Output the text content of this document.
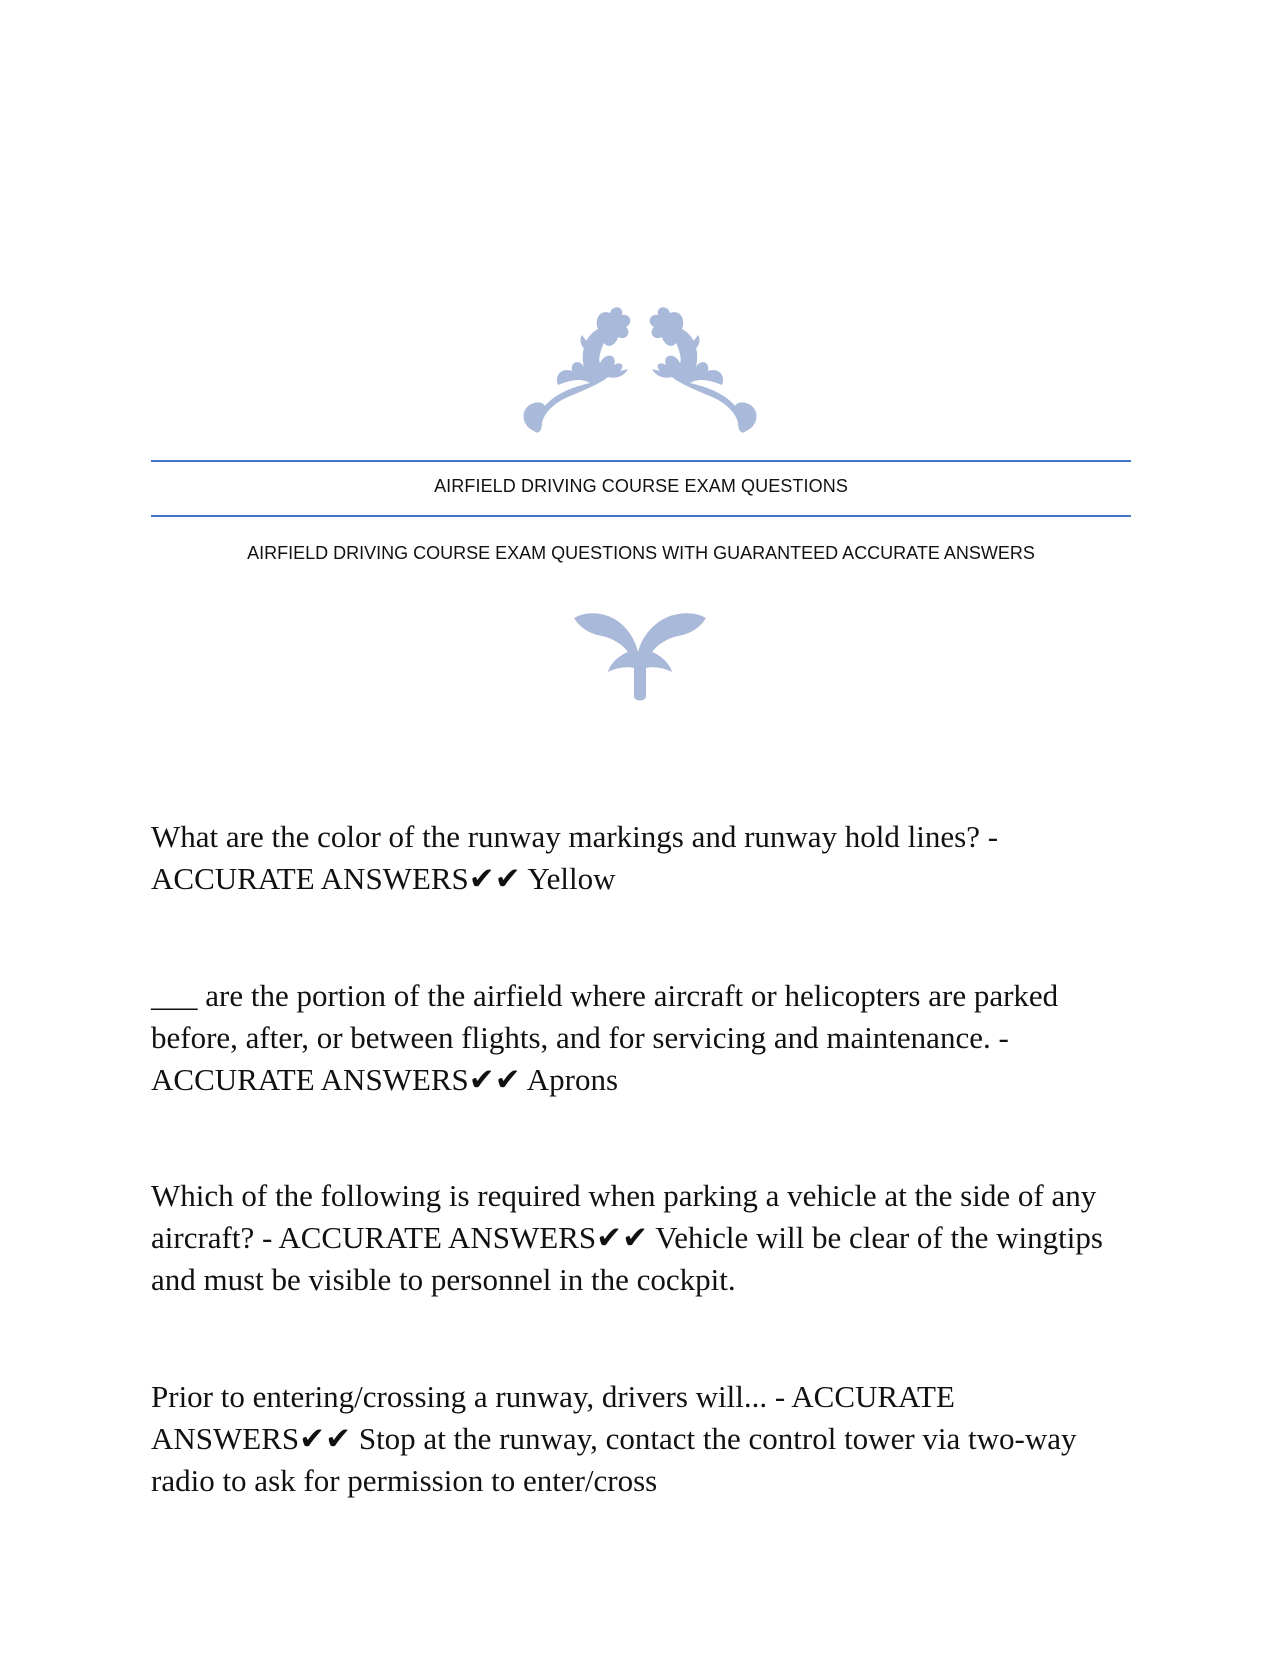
AIRFIELD DRIVING COURSE EXAM QUESTIONS
AIRFIELD DRIVING COURSE EXAM QUESTIONS WITH GUARANTEED ACCURATE ANSWERS

What are the color of the runway markings and runway hold lines? - ACCURATE ANSWERS✔✔ Yellow

___ are the portion of the airfield where aircraft or helicopters are parked before, after, or between flights, and for servicing and maintenance. - ACCURATE ANSWERS✔✔ Aprons

Which of the following is required when parking a vehicle at the side of any aircraft? - ACCURATE ANSWERS✔✔ Vehicle will be clear of the wingtips and must be visible to personnel in the cockpit.

Prior to entering/crossing a runway, drivers will... - ACCURATE ANSWERS✔✔ Stop at the runway, contact the control tower via two-way radio to ask for permission to enter/cross
